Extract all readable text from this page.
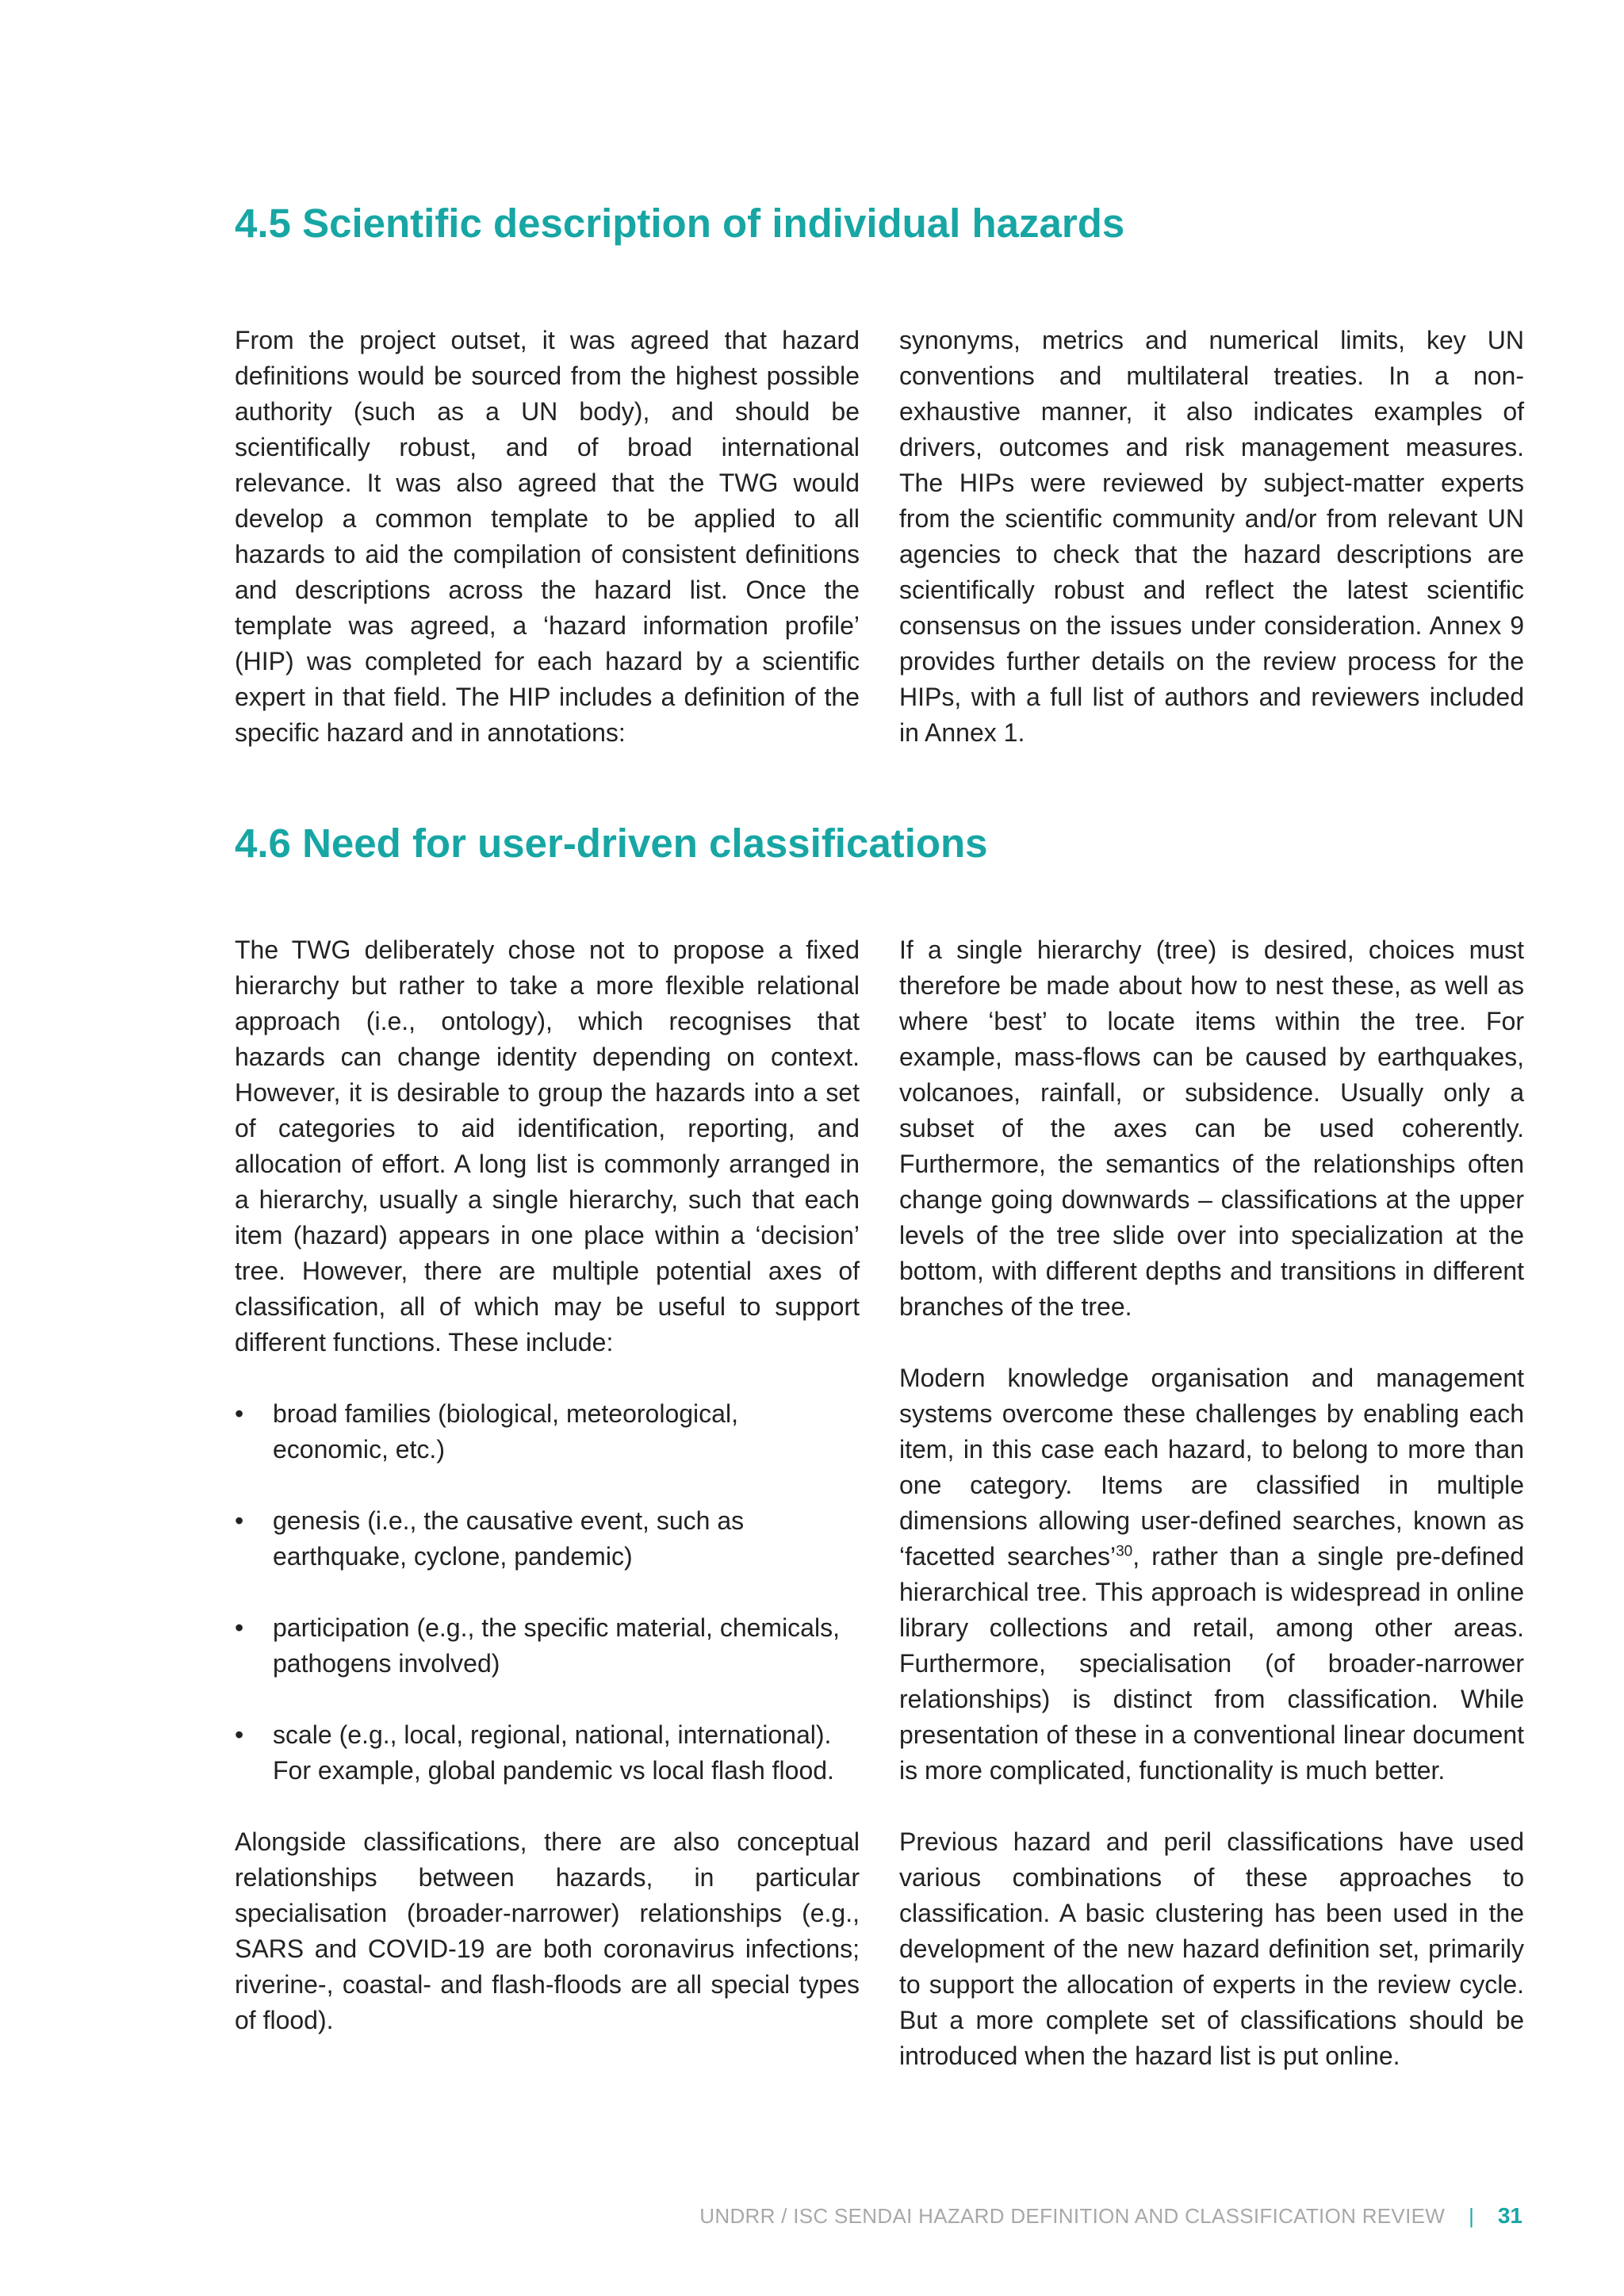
4.5 Scientific description of individual hazards

From the project outset, it was agreed that hazard definitions would be sourced from the highest possible authority (such as a UN body), and should be scientifically robust, and of broad international relevance. It was also agreed that the TWG would develop a common template to be applied to all hazards to aid the compilation of consistent definitions and descriptions across the hazard list. Once the template was agreed, a ‘hazard information profile’ (HIP) was completed for each hazard by a scientific expert in that field. The HIP includes a definition of the specific hazard and in annotations:

synonyms, metrics and numerical limits, key UN conventions and multilateral treaties. In a non-exhaustive manner, it also indicates examples of drivers, outcomes and risk management measures. The HIPs were reviewed by subject-matter experts from the scientific community and/or from relevant UN agencies to check that the hazard descriptions are scientifically robust and reflect the latest scientific consensus on the issues under consideration. Annex 9 provides further details on the review process for the HIPs, with a full list of authors and reviewers included in Annex 1.

4.6 Need for user-driven classifications

The TWG deliberately chose not to propose a fixed hierarchy but rather to take a more flexible relational approach (i.e., ontology), which recognises that hazards can change identity depending on context. However, it is desirable to group the hazards into a set of categories to aid identification, reporting, and allocation of effort. A long list is commonly arranged in a hierarchy, usually a single hierarchy, such that each item (hazard) appears in one place within a ‘decision’ tree. However, there are multiple potential axes of classification, all of which may be useful to support different functions. These include:

• broad families (biological, meteorological, economic, etc.)
• genesis (i.e., the causative event, such as earthquake, cyclone, pandemic)
• participation (e.g., the specific material, chemicals, pathogens involved)
• scale (e.g., local, regional, national, international). For example, global pandemic vs local flash flood.

Alongside classifications, there are also conceptual relationships between hazards, in particular specialisation (broader-narrower) relationships (e.g., SARS and COVID-19 are both coronavirus infections; riverine-, coastal- and flash-floods are all special types of flood).

If a single hierarchy (tree) is desired, choices must therefore be made about how to nest these, as well as where ‘best’ to locate items within the tree. For example, mass-flows can be caused by earthquakes, volcanoes, rainfall, or subsidence. Usually only a subset of the axes can be used coherently. Furthermore, the semantics of the relationships often change going downwards – classifications at the upper levels of the tree slide over into specialization at the bottom, with different depths and transitions in different branches of the tree.

Modern knowledge organisation and management systems overcome these challenges by enabling each item, in this case each hazard, to belong to more than one category. Items are classified in multiple dimensions allowing user-defined searches, known as ‘facetted searches’$^{30}$, rather than a single pre-defined hierarchical tree. This approach is widespread in online library collections and retail, among other areas. Furthermore, specialisation (of broader-narrower relationships) is distinct from classification. While presentation of these in a conventional linear document is more complicated, functionality is much better.

Previous hazard and peril classifications have used various combinations of these approaches to classification. A basic clustering has been used in the development of the new hazard definition set, primarily to support the allocation of experts in the review cycle. But a more complete set of classifications should be introduced when the hazard list is put online.

UNDRR / ISC SENDAI HAZARD DEFINITION AND CLASSIFICATION REVIEW | 31
